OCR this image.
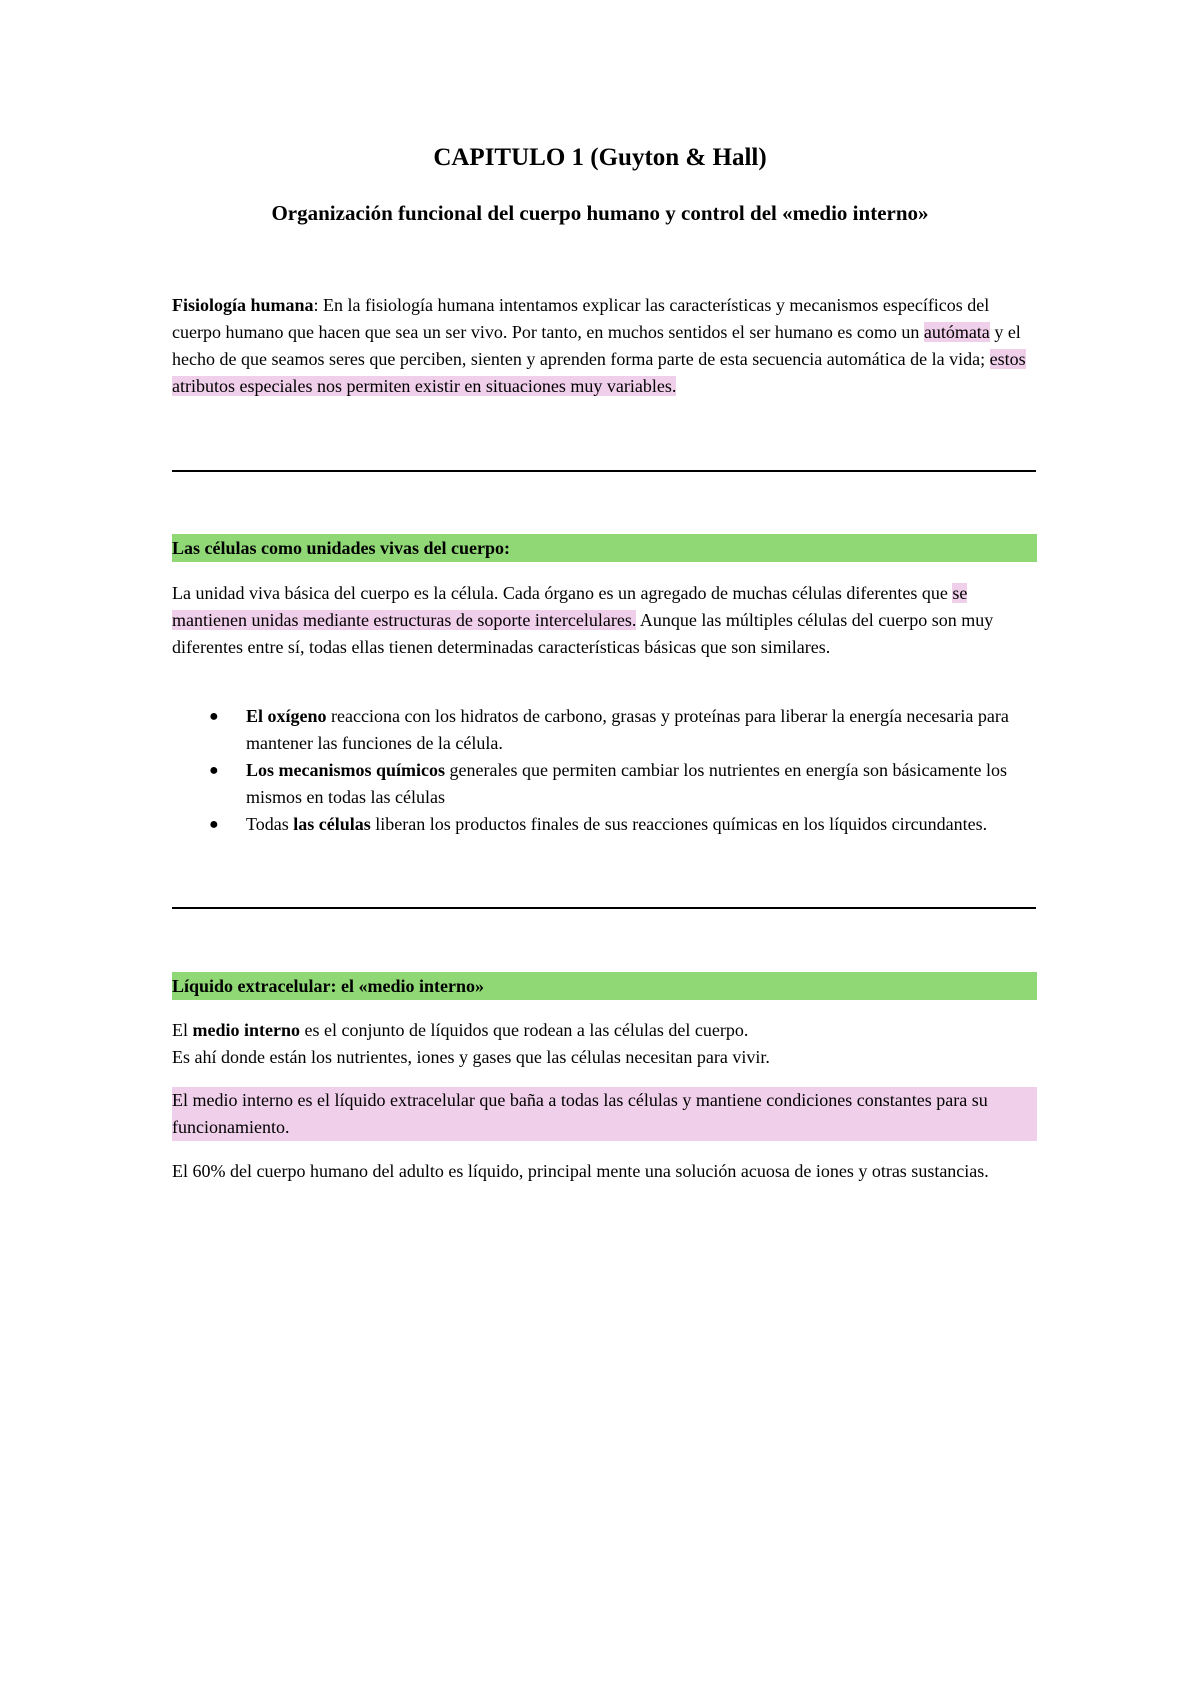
CAPITULO 1 (Guyton & Hall)
Organización funcional del cuerpo humano y control del «medio interno»

Fisiología humana: En la fisiología humana intentamos explicar las características y mecanismos específicos del cuerpo humano que hacen que sea un ser vivo. Por tanto, en muchos sentidos el ser humano es como un autómata y el hecho de que seamos seres que perciben, sienten y aprenden forma parte de esta secuencia automática de la vida; estos atributos especiales nos permiten existir en situaciones muy variables.

Las células como unidades vivas del cuerpo:

La unidad viva básica del cuerpo es la célula. Cada órgano es un agregado de muchas células diferentes que se mantienen unidas mediante estructuras de soporte intercelulares. Aunque las múltiples células del cuerpo son muy diferentes entre sí, todas ellas tienen determinadas características básicas que son similares.

● El oxígeno reacciona con los hidratos de carbono, grasas y proteínas para liberar la energía necesaria para mantener las funciones de la célula.
● Los mecanismos químicos generales que permiten cambiar los nutrientes en energía son básicamente los mismos en todas las células
● Todas las células liberan los productos finales de sus reacciones químicas en los líquidos circundantes.
Líquido extracelular: el «medio interno»

El medio interno es el conjunto de líquidos que rodean a las células del cuerpo.
Es ahí donde están los nutrientes, iones y gases que las células necesitan para vivir.

El medio interno es el líquido extracelular que baña a todas las células y mantiene condiciones constantes para su funcionamiento.

El 60% del cuerpo humano del adulto es líquido, principal mente una solución acuosa de iones y otras sustancias.
